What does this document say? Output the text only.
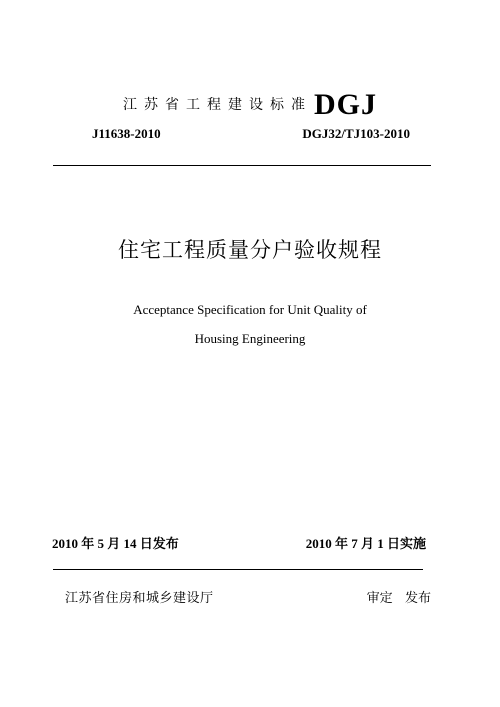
江苏省工程建设标准 DGJ
J11638-2010	DGJ32/TJ103-2010
住宅工程质量分户验收规程
Acceptance Specification for Unit Quality of
Housing Engineering
2010 年 5 月 14 日发布	2010 年 7 月 1 日实施
江苏省住房和城乡建设厅	审定   发布
